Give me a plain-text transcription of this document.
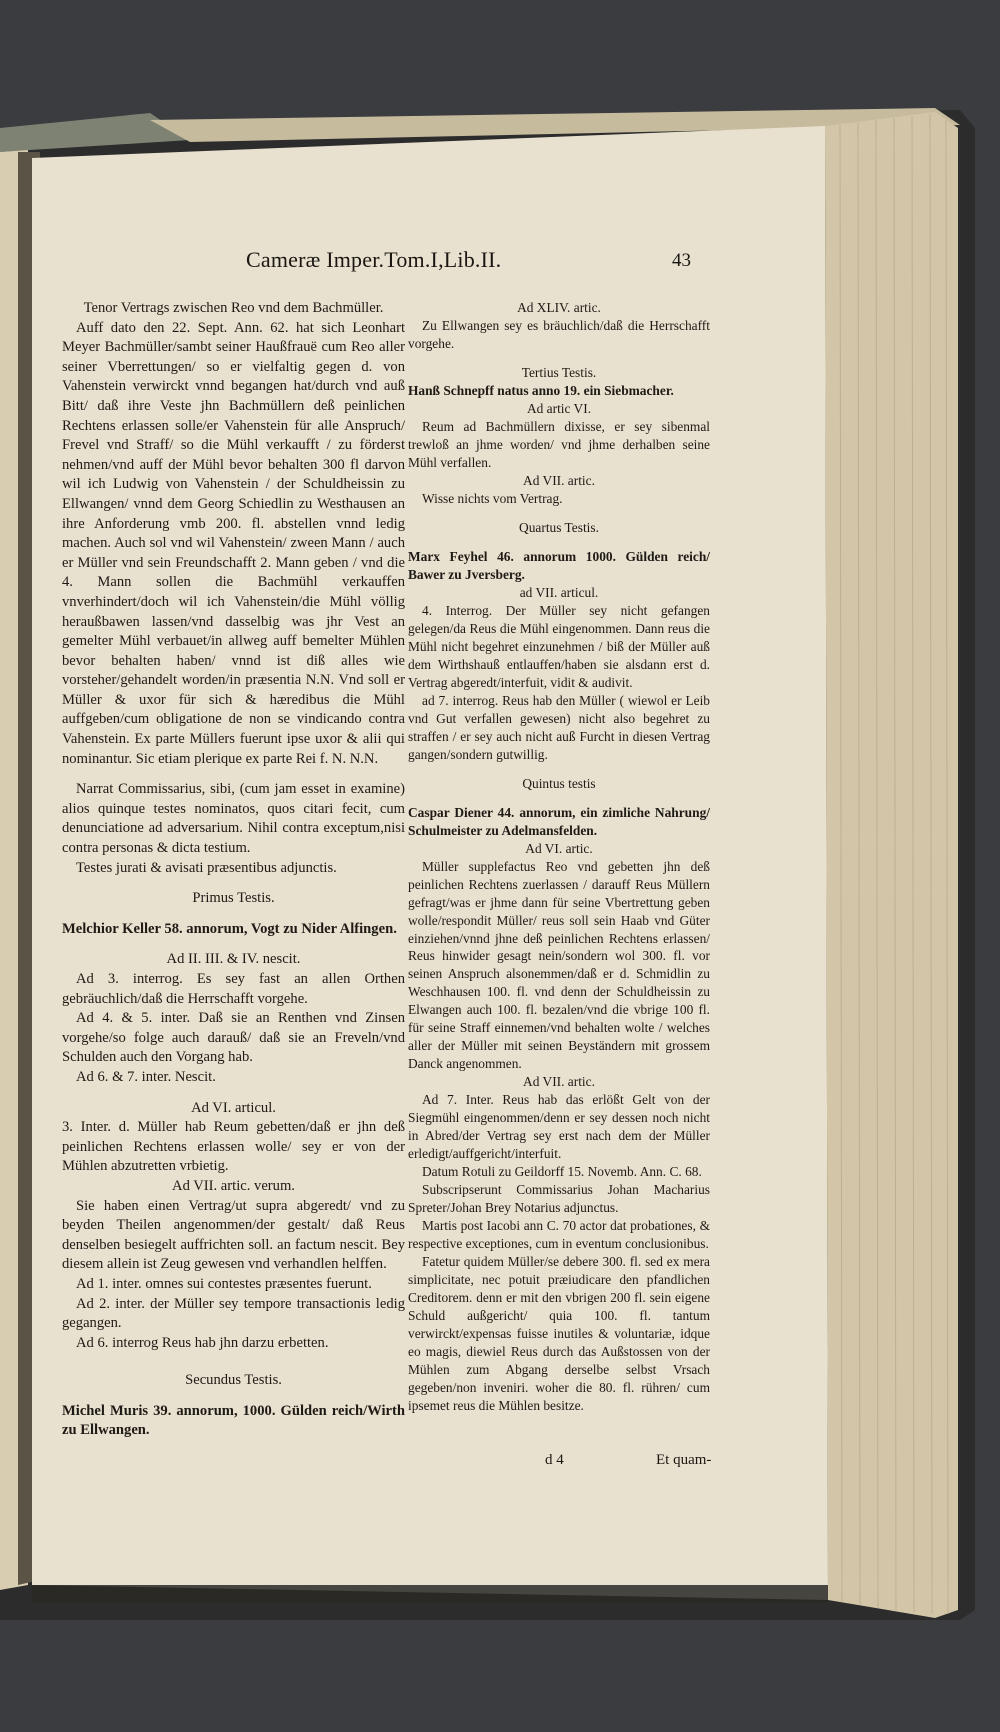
Cameræ Imper.Tom.I,Lib.II.	43

Tenor Vertrags zwischen Reo vnd dem Bachmüller.

Auff dato den 22. Sept. Ann. 62. hat sich Leonhart Meyer Bachmüller/sambt seiner Haußfrauë cum Reo aller seiner Vberrettungen/ so er vielfaltig gegen d. von Vahenstein verwirckt vnnd begangen hat/durch vnd auß Bitt/ daß ihre Veste jhn Bachmüllern deß peinlichen Rechtens erlassen solle/er Vahenstein für alle Anspruch/ Frevel vnd Straff/ so die Mühl verkaufft / zu förderst nehmen/vnd auff der Mühl bevor behalten 300 fl darvon wil ich Ludwig von Vahenstein / der Schuldheissin zu Ellwangen/ vnnd dem Georg Schiedlin zu Westhausen an ihre Anforderung vmb 200. fl. abstellen vnnd ledig machen. Auch sol vnd wil Vahenstein/ zween Mann / auch er Müller vnd sein Freundschafft 2. Mann geben / vnd die 4. Mann sollen die Bachmühl verkauffen vnverhindert/doch wil ich Vahenstein/die Mühl völlig heraußbawen lassen/vnd dasselbig was jhr Vest an gemelter Mühl verbauet/in allweg auff bemelter Mühlen bevor behalten haben/ vnnd ist diß alles wie vorsteher/gehandelt worden/in præsentia N.N. Vnd soll er Müller & uxor für sich & hæredibus die Mühl auffgeben/cum obligatione de non se vindicando contra Vahenstein. Ex parte Müllers fuerunt ipse uxor & alii qui nominantur. Sic etiam plerique ex parte Rei f. N. N.N.

Narrat Commissarius, sibi, (cum jam esset in examine) alios quinque testes nominatos, quos citari fecit, cum denunciatione ad adversarium. Nihil contra exceptum,nisi contra personas & dicta testium.

Testes jurati & avisati præsentibus adjunctis.

Primus Testis.

Melchior Keller 58. annorum, Vogt zu Nider Alfingen.

Ad II. III. & IV. nescit.

Ad 3. interrog. Es sey fast an allen Orthen gebräuchlich/daß die Herrschafft vorgehe.

Ad 4. & 5. inter. Daß sie an Renthen vnd Zinsen vorgehe/so folge auch darauß/ daß sie an Freveln/vnd Schulden auch den Vorgang hab.

Ad 6. & 7. inter. Nescit.

Ad VI. articul.

3. Inter. d. Müller hab Reum gebetten/daß er jhn deß peinlichen Rechtens erlassen wolle/ sey er von der Mühlen abzutretten vrbietig.

Ad VII. artic. verum.

Sie haben einen Vertrag/ut supra abgeredt/ vnd zu beyden Theilen angenommen/der gestalt/ daß Reus denselben besiegelt auffrichten soll. an factum nescit. Bey diesem allein ist Zeug gewesen vnd verhandlen helffen.

Ad 1. inter. omnes sui contestes præsentes fuerunt.

Ad 2. inter. der Müller sey tempore transactionis ledig gegangen.

Ad 6. interrog Reus hab jhn darzu erbetten.

Secundus Testis.

Michel Muris 39. annorum, 1000. Gülden reich/Wirth zu Ellwangen.

Ad XLIV. artic.

Zu Ellwangen sey es bräuchlich/daß die Herrschafft vorgehe.

Tertius Testis.

Hanß Schnepff natus anno 19. ein Siebmacher.

Ad artic VI.

Reum ad Bachmüllern dixisse, er sey sibenmal trewloß an jhme worden/ vnd jhme derhalben seine Mühl verfallen.

Ad VII. artic.

Wisse nichts vom Vertrag.

Quartus Testis.

Marx Feyhel 46. annorum 1000. Gülden reich/ Bawer zu Jversberg.

ad VII. articul.

4. Interrog. Der Müller sey nicht gefangen gelegen/da Reus die Mühl eingenommen. Dann reus die Mühl nicht begehret einzunehmen / biß der Müller auß dem Wirthshauß entlauffen/haben sie alsdann erst d. Vertrag abgeredt/interfuit, vidit & audivit.

ad 7. interrog. Reus hab den Müller ( wiewol er Leib vnd Gut verfallen gewesen) nicht also begehret zu straffen / er sey auch nicht auß Furcht in diesen Vertrag gangen/sondern gutwillig.

Quintus testis

Caspar Diener 44. annorum, ein zimliche Nahrung/ Schulmeister zu Adelmansfelden.

Ad VI. artic.

Müller supplefactus Reo vnd gebetten jhn deß peinlichen Rechtens zuerlassen / darauff Reus Müllern gefragt/was er jhme dann für seine Vbertrettung geben wolle/respondit Müller/ reus soll sein Haab vnd Güter einziehen/vnnd jhne deß peinlichen Rechtens erlassen/ Reus hinwider gesagt nein/sondern wol 300. fl. vor seinen Anspruch alsonemmen/daß er d. Schmidlin zu Weschhausen 100. fl. vnd denn der Schuldheissin zu Elwangen auch 100. fl. bezalen/vnd die vbrige 100 fl. für seine Straff einnemen/vnd behalten wolte / welches aller der Müller mit seinen Beyständern mit grossem Danck angenommen.

Ad VII. artic.

Ad 7. Inter. Reus hab das erlößt Gelt von der Siegmühl eingenommen/denn er sey dessen noch nicht in Abred/der Vertrag sey erst nach dem der Müller erledigt/auffgericht/interfuit.

Datum Rotuli zu Geildorff 15. Novemb. Ann. C. 68.

Subscripserunt Commissarius Johan Macharius Spreter/Johan Brey Notarius adjunctus.

Martis post Iacobi ann C. 70 actor dat probationes, & respective exceptiones, cum in eventum conclusionibus.

Fatetur quidem Müller/se debere 300. fl. sed ex mera simplicitate, nec potuit præiudicare den pfandlichen Creditorem. denn er mit den vbrigen 200 fl. sein eigene Schuld außgericht/ quia 100. fl. tantum verwirckt/expensas fuisse inutiles & voluntariæ, idque eo magis, diewiel Reus durch das Außstossen von der Mühlen zum Abgang derselbe selbst Vrsach gegeben/non inveniri. woher die 80. fl. rühren/ cum ipsemet reus die Mühlen besitze.

d 4	Et quam-
